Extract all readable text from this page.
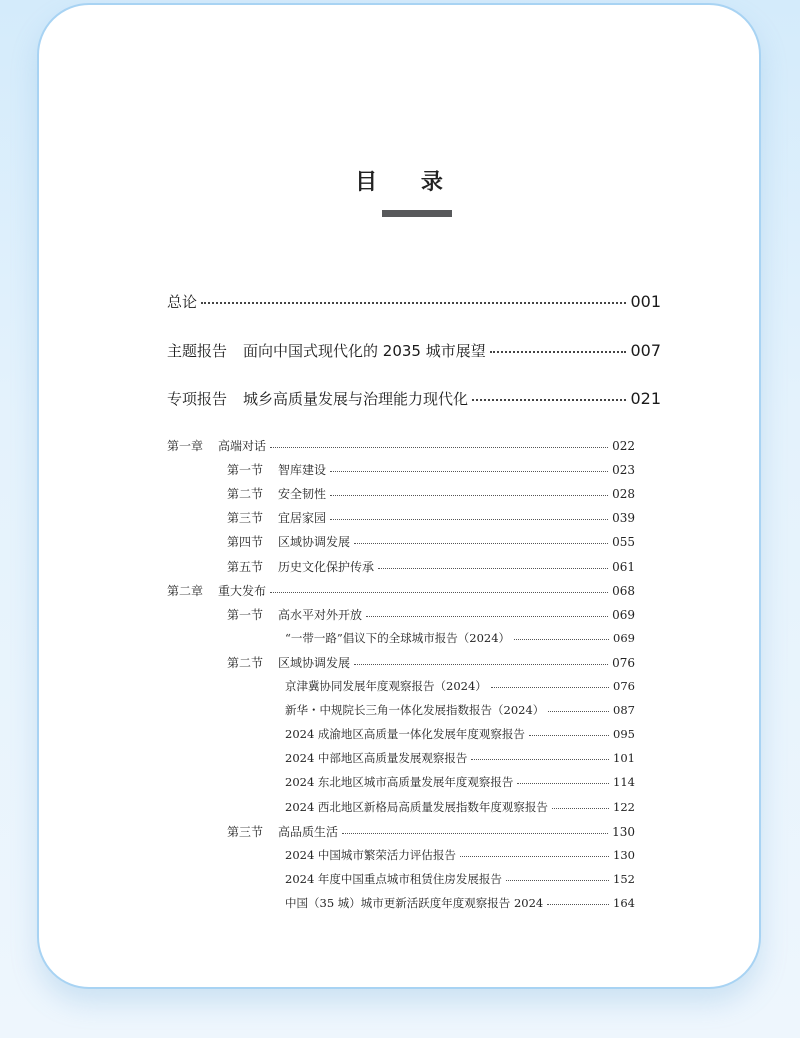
目 录
总论	001
主题报告 面向中国式现代化的 2035 城市展望	007
专项报告 城乡高质量发展与治理能力现代化	021
第一章 高端对话	022
第一节 智库建设	023
第二节 安全韧性	028
第三节 宜居家园	039
第四节 区域协调发展	055
第五节 历史文化保护传承	061
第二章 重大发布	068
第一节 高水平对外开放	069
“一带一路”倡议下的全球城市报告（2024）	069
第二节 区域协调发展	076
京津冀协同发展年度观察报告（2024）	076
新华・中规院长三角一体化发展指数报告（2024）	087
2024 成渝地区高质量一体化发展年度观察报告	095
2024 中部地区高质量发展观察报告	101
2024 东北地区城市高质量发展年度观察报告	114
2024 西北地区新格局高质量发展指数年度观察报告	122
第三节 高品质生活	130
2024 中国城市繁荣活力评估报告	130
2024 年度中国重点城市租赁住房发展报告	152
中国（35 城）城市更新活跃度年度观察报告 2024	164
